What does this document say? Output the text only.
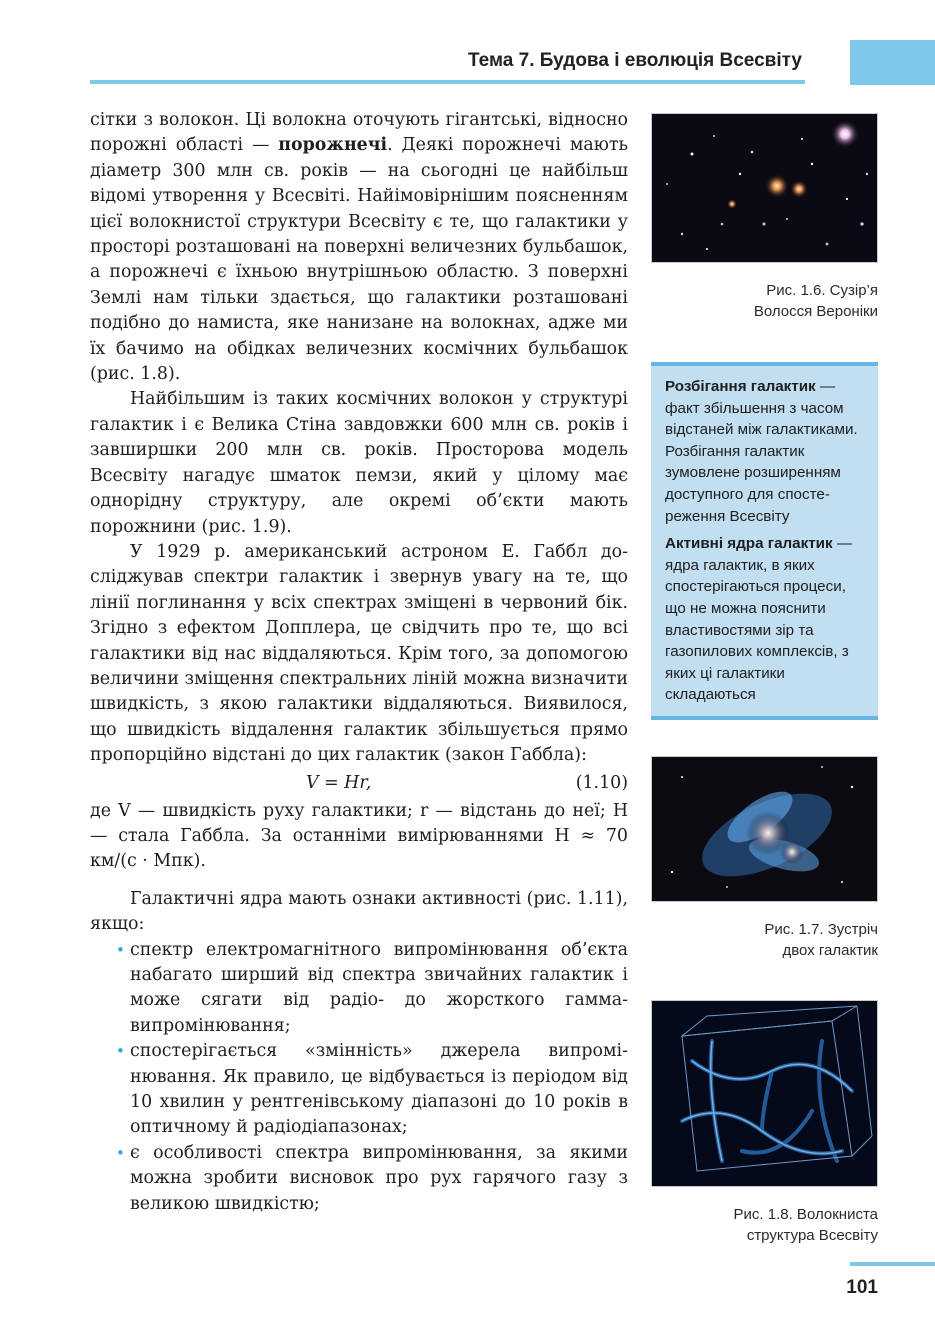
Тема 7. Будова і еволюція Всесвіту

сітки з волокон. Ці волокна оточують гігантські, відносно порожні області — порожнечі. Деякі порожнечі мають діаметр 300 млн св. років — на сьогодні це найбільш відомі утворення у Всесвіті. Найімовірнішим поясненням цієї волокнистої структури Всесвіту є те, що галактики у просторі розташовані на поверхні величезних бульбашок, а порожнечі є їхньою внутрішньою областю. З поверхні Землі нам тільки здається, що галактики розташовані подібно до намиста, яке нанизане на волокнах, адже ми їх бачимо на обідках величезних космічних бульбашок (рис. 1.8).

Найбільшим із таких космічних волокон у структурі галактик і є Велика Стіна завдовжки 600 млн св. років і завширшки 200 млн св. років. Просторова модель Всесвіту нагадує шматок пемзи, який у цілому має однорідну структуру, але окремі об’єкти мають порожнини (рис. 1.9).

У 1929 р. американський астроном Е. Габбл досліджував спектри галактик і звернув увагу на те, що лінії поглинання у всіх спектрах зміщені в червоний бік. Згідно з ефектом Допплера, це свідчить про те, що всі галактики від нас віддаляються. Крім того, за допомогою величини зміщення спектральних ліній можна визначити швидкість, з якою галактики віддаляються. Виявилося, що швидкість віддалення галактик збільшується прямо пропорційно відстані до цих галактик (закон Габбла):

V = Hr,	(1.10)

де V — швидкість руху галактики; r — відстань до неї; H — стала Габбла. За останніми вимірюваннями H ≈ 70 км/(с · Мпк).

Галактичні ядра мають ознаки активності (рис. 1.11), якщо:

• спектр електромагнітного випромінювання об’єкта набагато ширший від спектра звичайних галактик і може сягати від радіо- до жорсткого гамма-випромінювання;
• спостерігається «змінність» джерела випромінювання. Як правило, це відбувається із періодом від 10 хвилин у рентгенівському діапазоні до 10 років в оптичному й радіодіапазонах;
• є особливості спектра випромінювання, за якими можна зробити висновок про рух гарячого газу з великою швидкістю;
Рис. 1.6. Сузір’я
Волосся Вероніки

Розбігання галактик — факт збільшення з часом відстаней між галактиками. Розбігання галактик зумовлене розширенням доступного для спостереження Всесвіту

Активні ядра галактик — ядра галактик, в яких спостерігаються процеси, що не можна пояснити властивостями зір та газопилових комплексів, з яких ці галактики складаються

Рис. 1.7. Зустріч
двох галактик
Рис. 1.8. Волокниста
структура Всесвіту
101
